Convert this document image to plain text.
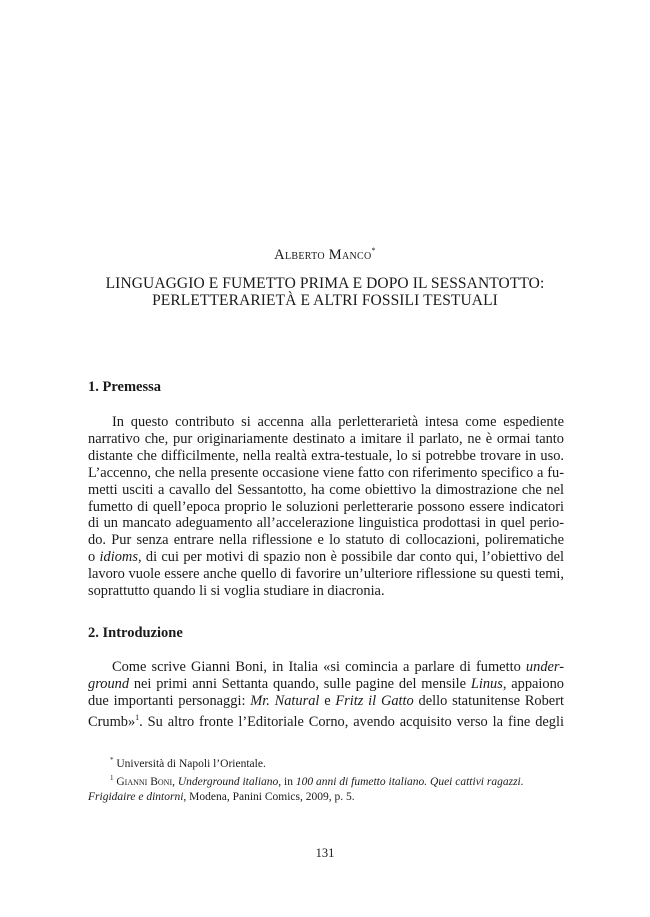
Alberto Manco*
LINGUAGGIO E FUMETTO PRIMA E DOPO IL SESSANTOTTO:
PERLETTERARIETÀ E ALTRI FOSSILI TESTUALI
1. Premessa
In questo contributo si accenna alla perletterarietà intesa come espediente
narrativo che, pur originariamente destinato a imitare il parlato, ne è ormai tanto
distante che difficilmente, nella realtà extra-testuale, lo si potrebbe trovare in uso.
L’accenno, che nella presente occasione viene fatto con riferimento specifico a fu-
metti usciti a cavallo del Sessantotto, ha come obiettivo la dimostrazione che nel
fumetto di quell’epoca proprio le soluzioni perletterarie possono essere indicatori
di un mancato adeguamento all’accelerazione linguistica prodottasi in quel perio-
do. Pur senza entrare nella riflessione e lo statuto di collocazioni, polirematiche
o idioms, di cui per motivi di spazio non è possibile dar conto qui, l’obiettivo del
lavoro vuole essere anche quello di favorire un’ulteriore riflessione su questi temi,
soprattutto quando li si voglia studiare in diacronia.
2. Introduzione
Come scrive Gianni Boni, in Italia «si comincia a parlare di fumetto under-
ground nei primi anni Settanta quando, sulle pagine del mensile Linus, appaiono
due importanti personaggi: Mr. Natural e Fritz il Gatto dello statunitense Robert
Crumb»$^1$. Su altro fronte l’Editoriale Corno, avendo acquisito verso la fine degli
* Università di Napoli l’Orientale.
$^1$ Gianni Boni, Underground italiano, in 100 anni di fumetto italiano. Quei cattivi ragazzi.
Frigidaire e dintorni, Modena, Panini Comics, 2009, p. 5.
131
